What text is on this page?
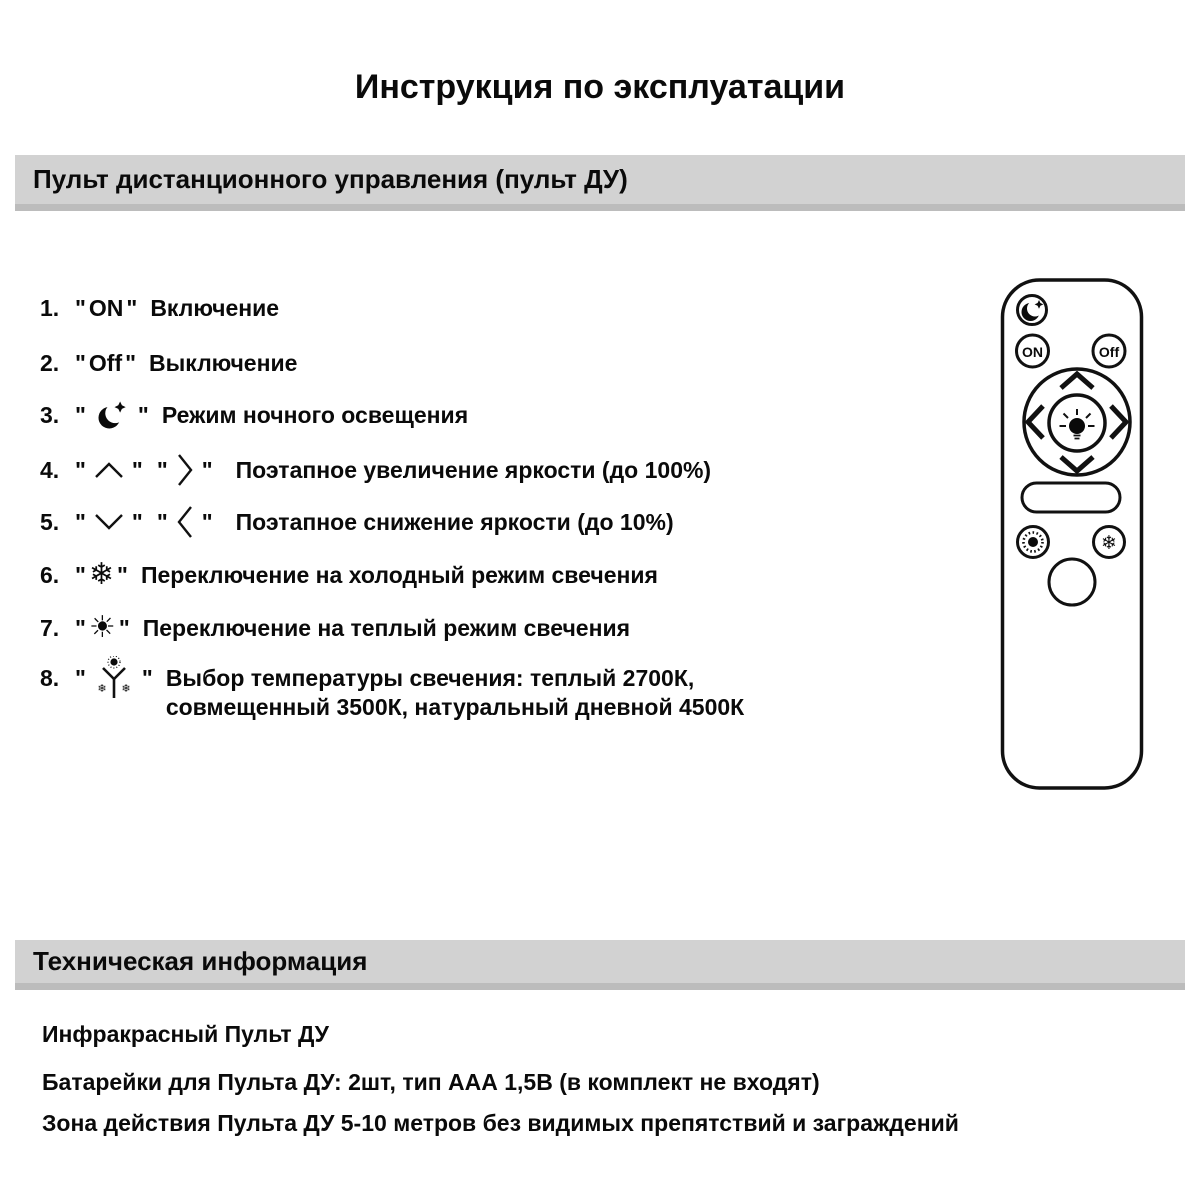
Инструкция по эксплуатации
Пульт дистанционного управления (пульт ДУ)
1. " ON " Включение
2. " Off " Выключение
3. " " Режим ночного освещения
4. " " " " Поэтапное увеличение яркости (до 100%)
5. " " " " Поэтапное снижение яркости (до 10%)
6. " ❄ " Переключение на холодный режим свечения
7. " ☀ " Переключение на теплый режим свечения
8. " ❄ ❄ " Выбор температуры свечения: теплый 2700К,
совмещенный 3500К, натуральный дневной 4500К
ON	Off
❄
Техническая информация
Инфракрасный Пульт ДУ
Батарейки для Пульта ДУ: 2шт, тип ААА 1,5В (в комплект не входят)
Зона действия Пульта ДУ 5-10 метров без видимых препятствий и заграждений
